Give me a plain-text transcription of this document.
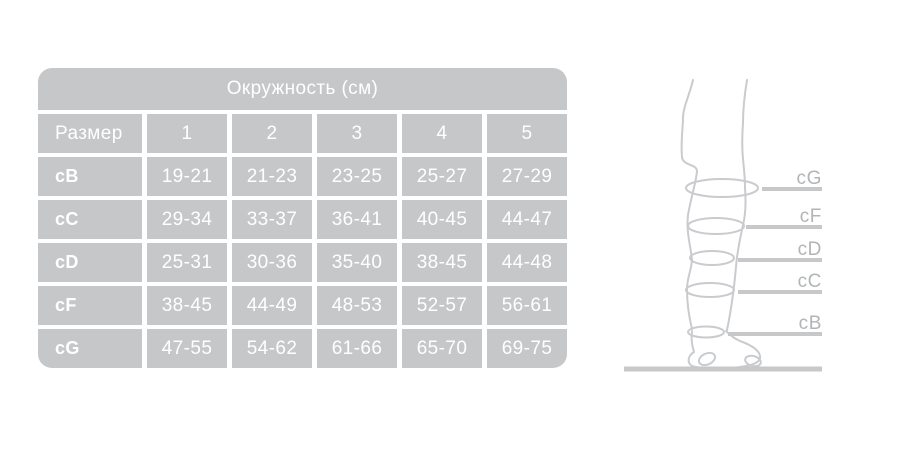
Окружность (см)
Размер	1	2	3	4	5
cB	19-21	21-23	23-25	25-27	27-29
cC	29-34	33-37	36-41	40-45	44-47
cD	25-31	30-36	35-40	38-45	44-48
cF	38-45	44-49	48-53	52-57	56-61
cG	47-55	54-62	61-66	65-70	69-75
cG
cF
cD
cC
cB
